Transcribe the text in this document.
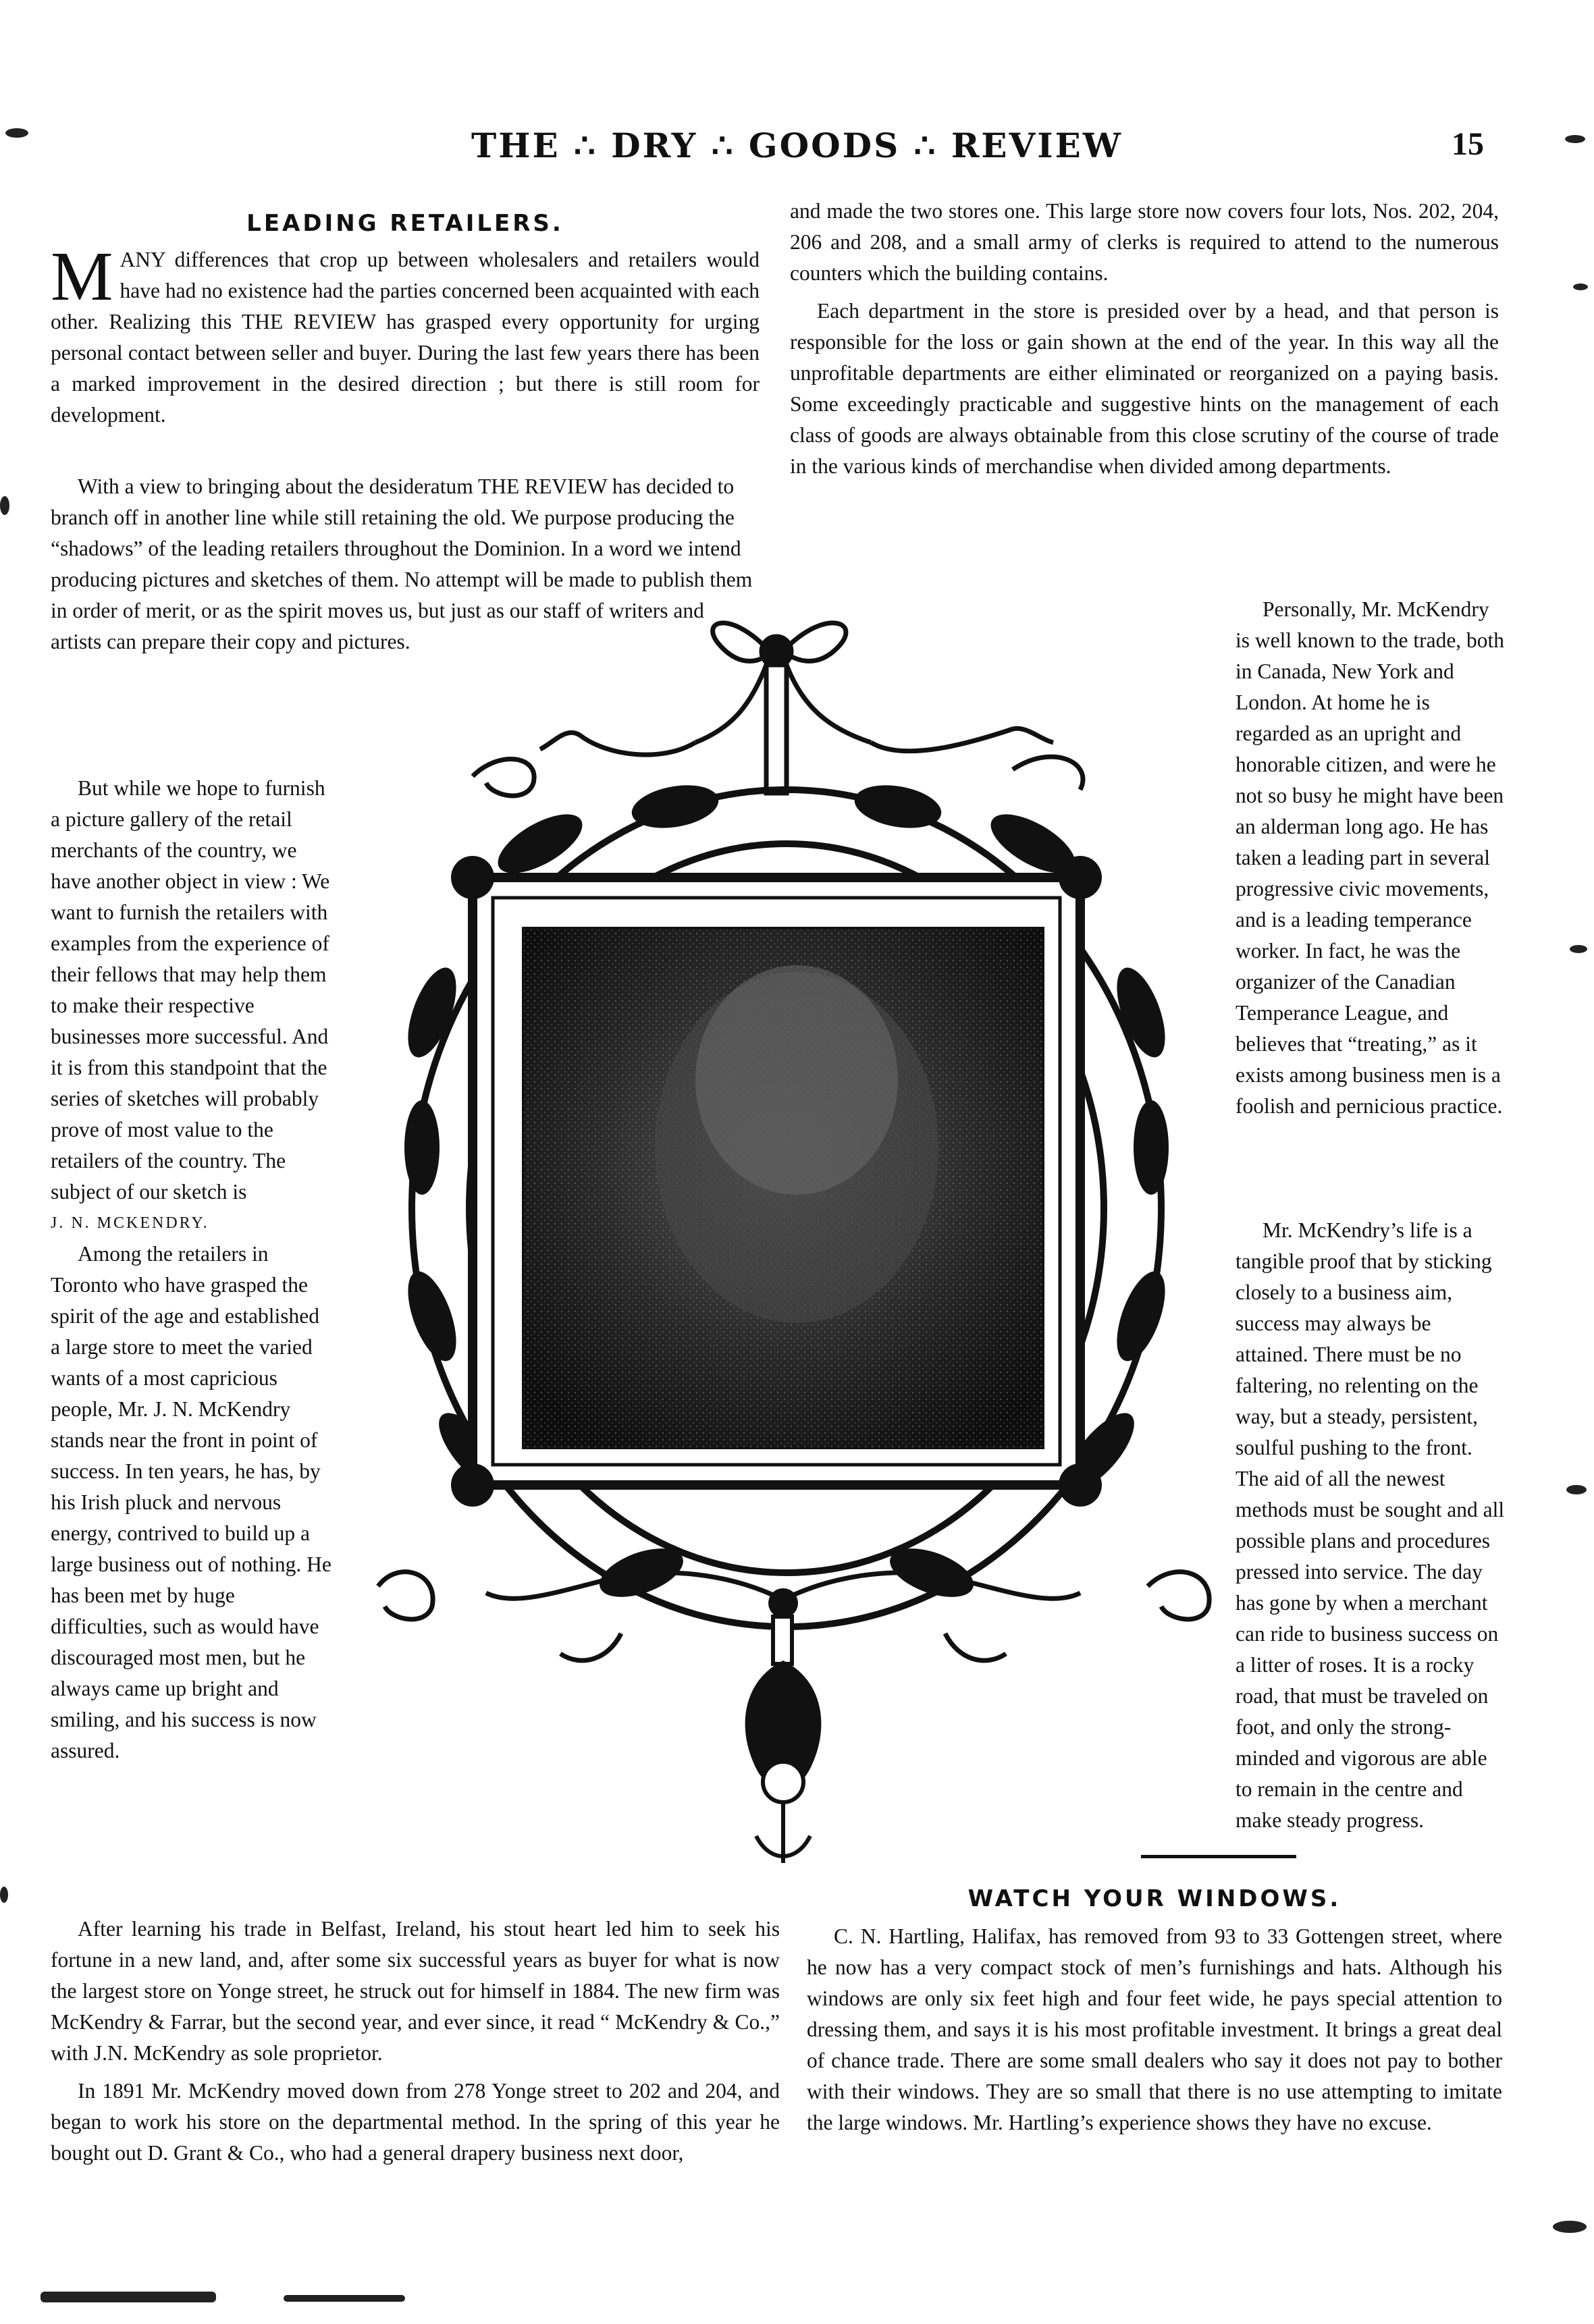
THE ∴ DRY ∴ GOODS ∴ REVIEW	15

LEADING RETAILERS.

MANY differences that crop up between wholesalers and retailers would have had no existence had the parties concerned been acquainted with each other. Realizing this THE REVIEW has grasped every opportunity for urging personal contact between seller and buyer. During the last few years there has been a marked improvement in the desired direction ; but there is still room for development.

With a view to bringing about the desideratum THE REVIEW has decided to branch off in another line while still retaining the old. We purpose producing the “shadows” of the leading retailers throughout the Dominion. In a word we intend producing pictures and sketches of them. No attempt will be made to publish them in order of merit, or as the spirit moves us, but just as our staff of writers and artists can prepare their copy and pictures.

But while we hope to furnish a picture gallery of the retail merchants of the country, we have another object in view : We want to furnish the retailers with examples from the experience of their fellows that may help them to make their respective businesses more successful. And it is from this standpoint that the series of sketches will probably prove of most value to the retailers of the country. The subject of our sketch is

J. N. MCKENDRY.

Among the retailers in Toronto who have grasped the spirit of the age and established a large store to meet the varied wants of a most capricious people, Mr. J. N. McKendry stands near the front in point of success. In ten years, he has, by his Irish pluck and nervous energy, contrived to build up a large business out of nothing. He has been met by huge difficulties, such as would have discouraged most men, but he always came up bright and smiling, and his success is now assured.

After learning his trade in Belfast, Ireland, his stout heart led him to seek his fortune in a new land, and, after some six successful years as buyer for what is now the largest store on Yonge street, he struck out for himself in 1884. The new firm was McKendry & Farrar, but the second year, and ever since, it read “ McKendry & Co.,” with J.N. McKendry as sole proprietor.

In 1891 Mr. McKendry moved down from 278 Yonge street to 202 and 204, and began to work his store on the departmental method. In the spring of this year he bought out D. Grant & Co., who had a general drapery business next door,

and made the two stores one. This large store now covers four lots, Nos. 202, 204, 206 and 208, and a small army of clerks is required to attend to the numerous counters which the building contains.

Each department in the store is presided over by a head, and that person is responsible for the loss or gain shown at the end of the year. In this way all the unprofitable departments are either eliminated or reorganized on a paying basis. Some exceedingly practicable and suggestive hints on the management of each class of goods are always obtainable from this close scrutiny of the course of trade in the various kinds of merchandise when divided among departments.

Personally, Mr. McKendry is well known to the trade, both in Canada, New York and London. At home he is regarded as an upright and honorable citizen, and were he not so busy he might have been an alderman long ago. He has taken a leading part in several progressive civic movements, and is a leading temperance worker. In fact, he was the organizer of the Canadian Temperance League, and believes that “treating,” as it exists among business men is a foolish and pernicious practice.

Mr. McKendry’s life is a tangible proof that by sticking closely to a business aim, success may always be attained. There must be no faltering, no relenting on the way, but a steady, persistent, soulful pushing to the front. The aid of all the newest methods must be sought and all possible plans and procedures pressed into service. The day has gone by when a merchant can ride to business success on a litter of roses. It is a rocky road, that must be traveled on foot, and only the strong-minded and vigorous are able to remain in the centre and make steady progress.

WATCH YOUR WINDOWS.

C. N. Hartling, Halifax, has removed from 93 to 33 Gottengen street, where he now has a very compact stock of men’s furnishings and hats. Although his windows are only six feet high and four feet wide, he pays special attention to dressing them, and says it is his most profitable investment. It brings a great deal of chance trade. There are some small dealers who say it does not pay to bother with their windows. They are so small that there is no use attempting to imitate the large windows. Mr. Hartling’s experience shows they have no excuse.
